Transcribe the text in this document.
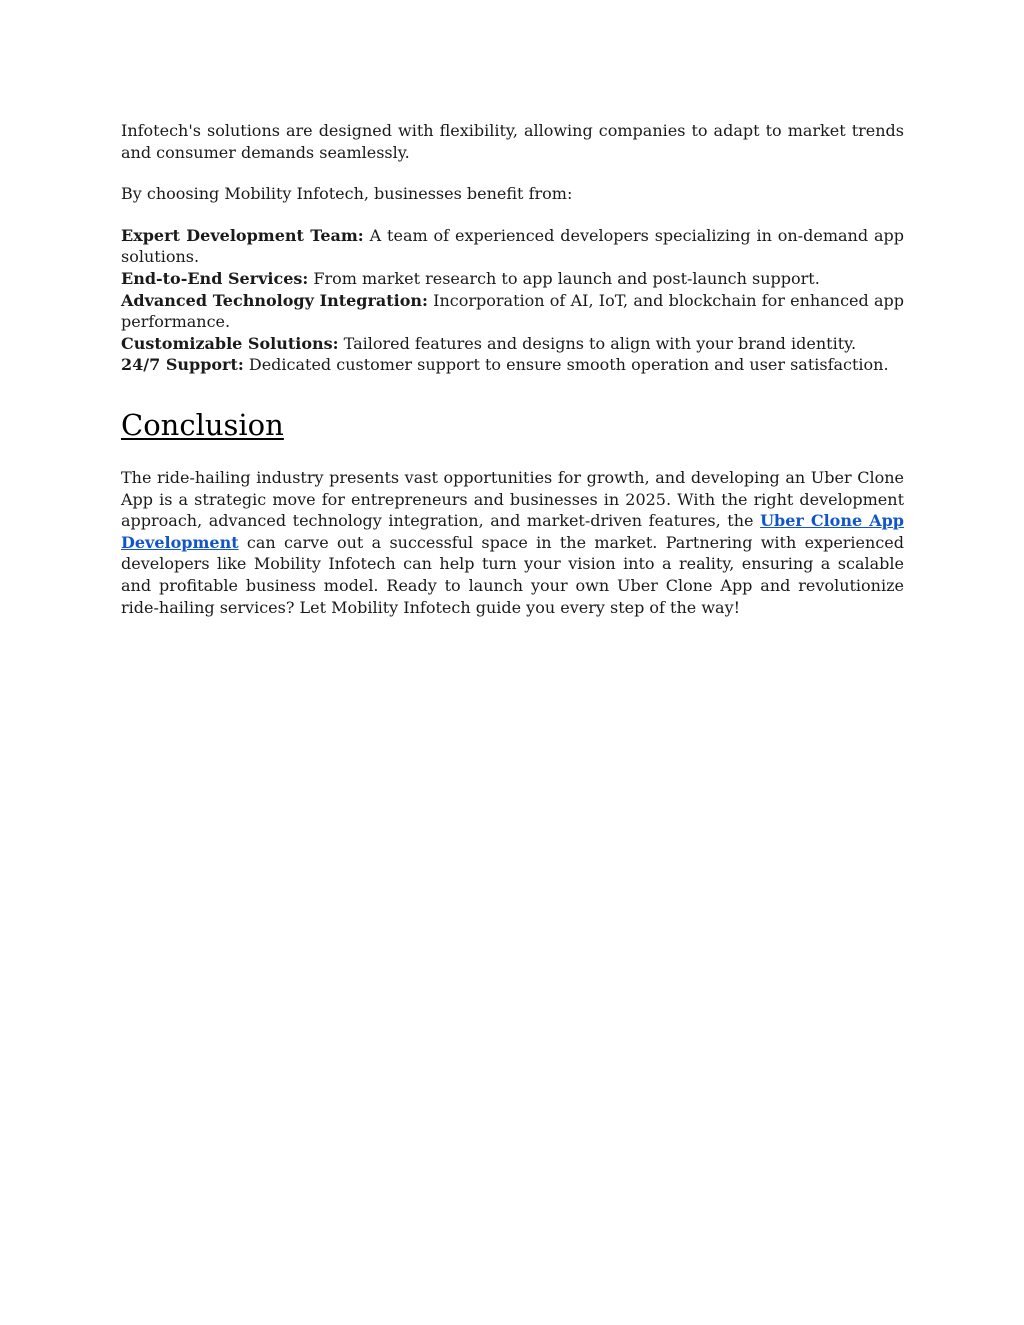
Infotech's solutions are designed with flexibility, allowing companies to adapt to market trends and consumer demands seamlessly.

By choosing Mobility Infotech, businesses benefit from:

Expert Development Team: A team of experienced developers specializing in on-demand app solutions.
End-to-End Services: From market research to app launch and post-launch support.
Advanced Technology Integration: Incorporation of AI, IoT, and blockchain for enhanced app performance.
Customizable Solutions: Tailored features and designs to align with your brand identity.
24/7 Support: Dedicated customer support to ensure smooth operation and user satisfaction.
Conclusion

The ride-hailing industry presents vast opportunities for growth, and developing an Uber Clone App is a strategic move for entrepreneurs and businesses in 2025. With the right development approach, advanced technology integration, and market-driven features, the Uber Clone App Development can carve out a successful space in the market. Partnering with experienced developers like Mobility Infotech can help turn your vision into a reality, ensuring a scalable and profitable business model. Ready to launch your own Uber Clone App and revolutionize ride-hailing services? Let Mobility Infotech guide you every step of the way!
